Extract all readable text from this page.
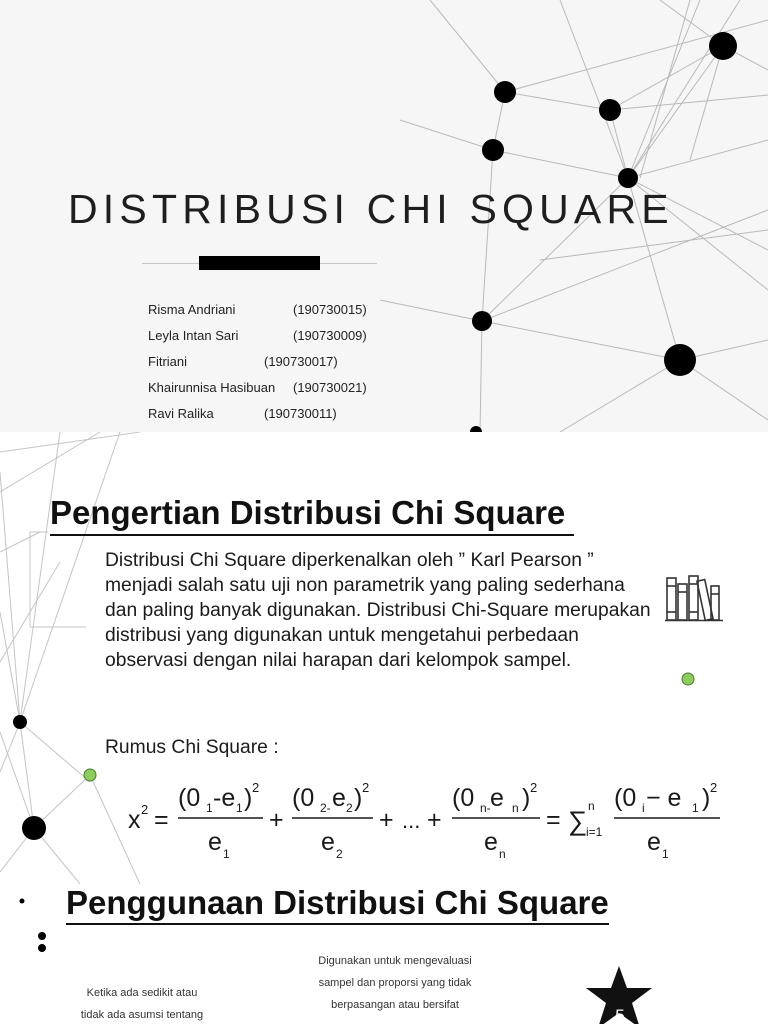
DISTRIBUSI CHI SQUARE
Risma Andriani	(190730015)
Leyla Intan Sari	(190730009)
Fitriani	(190730017)
Khairunnisa Hasibuan (190730021)
Ravi Ralika	(190730011)
Pengertian Distribusi Chi Square

Distribusi Chi Square diperkenalkan oleh ” Karl Pearson ” menjadi salah satu uji non parametrik yang paling sederhana dan paling banyak digunakan. Distribusi Chi-Square merupakan distribusi yang digunakan untuk mengetahui perbedaan observasi dengan nilai harapan dari kelompok sampel.

Rumus Chi Square :
x 2 =
(0 1 -e 1 ) 2
e 1
+
(0 2- e 2 ) 2
e 2
+ ... +
(0 n- e n ) 2
e n
= ∑ n
i=1
(0 i − e 1 ) 2
e 1
Penggunaan Distribusi Chi Square
Ketika ada sedikit atau
tidak ada asumsi tentang
Digunakan untuk mengevaluasi
sampel dan proporsi yang tidak
berpasangan atau bersifat
5
